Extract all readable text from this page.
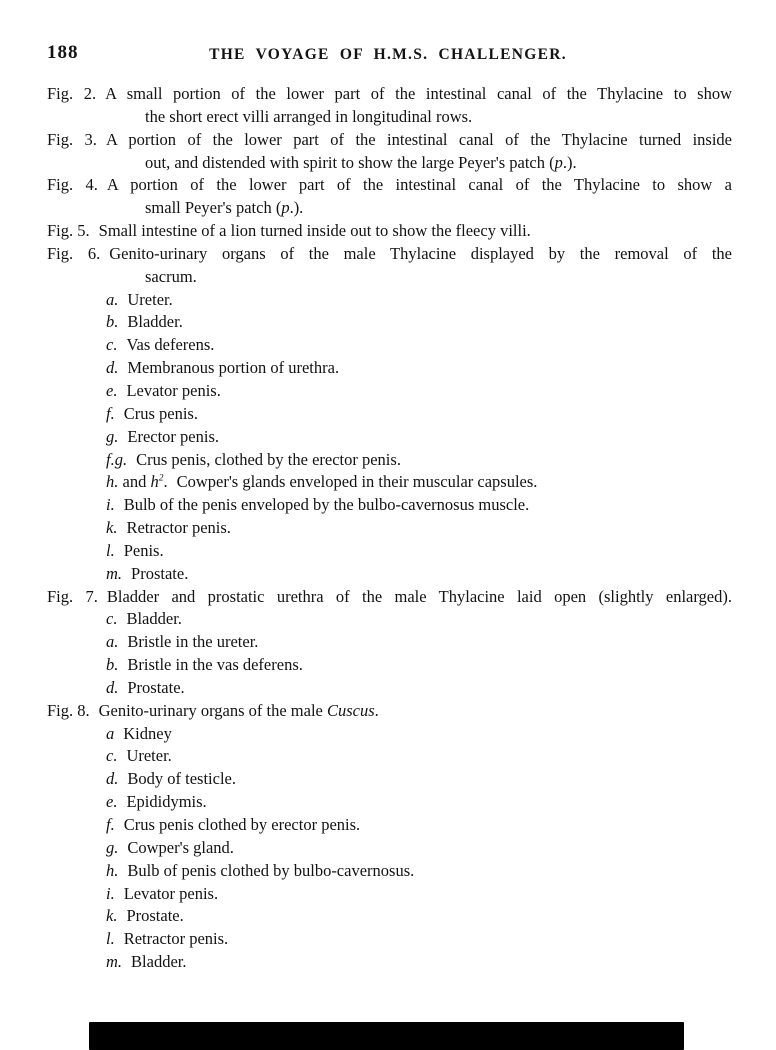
188	THE VOYAGE OF H.M.S. CHALLENGER.
Fig. 2. A small portion of the lower part of the intestinal canal of the Thylacine to show
the short erect villi arranged in longitudinal rows.
Fig. 3. A portion of the lower part of the intestinal canal of the Thylacine turned inside
out, and distended with spirit to show the large Peyer's patch (p.).
Fig. 4. A portion of the lower part of the intestinal canal of the Thylacine to show a
small Peyer's patch (p.).
Fig. 5. Small intestine of a lion turned inside out to show the fleecy villi.
Fig. 6. Genito-urinary organs of the male Thylacine displayed by the removal of the
sacrum.
a. Ureter.
b. Bladder.
c. Vas deferens.
d. Membranous portion of urethra.
e. Levator penis.
f. Crus penis.
g. Erector penis.
f.g. Crus penis, clothed by the erector penis.
h. and $h^2$. Cowper's glands enveloped in their muscular capsules.
i. Bulb of the penis enveloped by the bulbo-cavernosus muscle.
k. Retractor penis.
l. Penis.
m. Prostate.
Fig. 7. Bladder and prostatic urethra of the male Thylacine laid open (slightly enlarged).
c. Bladder.
a. Bristle in the ureter.
b. Bristle in the vas deferens.
d. Prostate.
Fig. 8. Genito-urinary organs of the male Cuscus.
a Kidney
c. Ureter.
d. Body of testicle.
e. Epididymis.
f. Crus penis clothed by erector penis.
g. Cowper's gland.
h. Bulb of penis clothed by bulbo-cavernosus.
i. Levator penis.
k. Prostate.
l. Retractor penis.
m. Bladder.
